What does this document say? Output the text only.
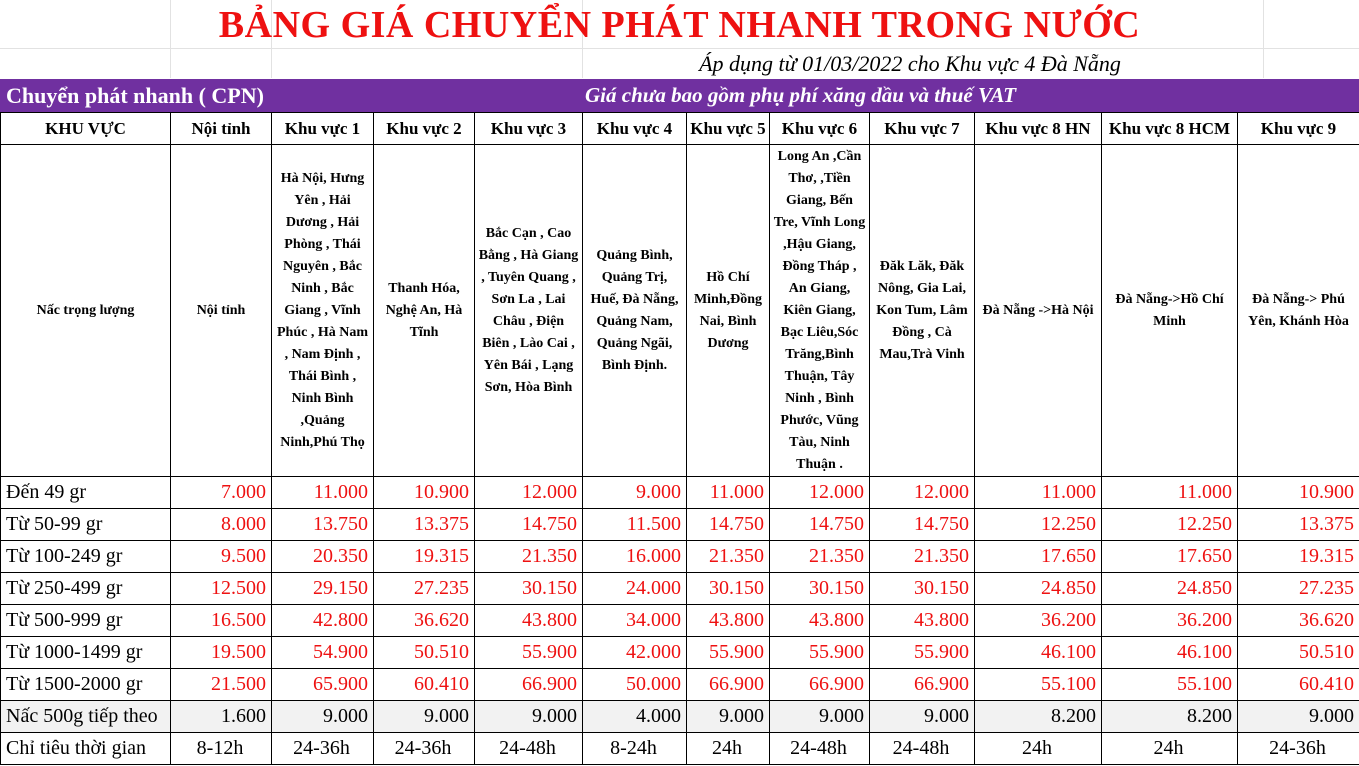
BẢNG GIÁ CHUYỂN PHÁT NHANH TRONG NƯỚC
Áp dụng từ 01/03/2022 cho Khu vực 4 Đà Nẵng
Chuyển phát nhanh ( CPN)	Giá chưa bao gồm phụ phí xăng dầu và thuế VAT
KHU VỰC	Nội tỉnh	Khu vực 1	Khu vực 2	Khu vực 3	Khu vực 4	Khu vực 5	Khu vực 6	Khu vực 7	Khu vực 8 HN	Khu vực 8 HCM	Khu vực 9
Nấc trọng lượng	Nội tỉnh	Hà Nội, Hưng Yên , Hải Dương , Hải Phòng , Thái Nguyên , Bắc Ninh , Bắc Giang , Vĩnh Phúc , Hà Nam , Nam Định , Thái Bình , Ninh Bình ,Quảng Ninh,Phú Thọ	Thanh Hóa, Nghệ An, Hà Tĩnh	Bắc Cạn , Cao Bằng , Hà Giang , Tuyên Quang , Sơn La , Lai Châu , Điện Biên , Lào Cai , Yên Bái , Lạng Sơn, Hòa Bình	Quảng Bình, Quảng Trị, Huế, Đà Nẵng, Quảng Nam, Quảng Ngãi, Bình Định.	Hồ Chí Minh,Đồng Nai, Bình Dương	Long An ,Cần Thơ, ,Tiền Giang, Bến Tre, Vĩnh Long ,Hậu Giang, Đồng Tháp , An Giang, Kiên Giang, Bạc Liêu,Sóc Trăng,Bình Thuận, Tây Ninh , Bình Phước, Vũng Tàu, Ninh Thuận .	Đăk Lăk, Đăk Nông, Gia Lai, Kon Tum, Lâm Đồng , Cà Mau,Trà Vinh	Đà Nẵng ->Hà Nội	Đà Nẵng->Hồ Chí Minh	Đà Nẵng-> Phú Yên, Khánh Hòa
Đến 49 gr	7.000	11.000	10.900	12.000	9.000	11.000	12.000	12.000	11.000	11.000	10.900
Từ 50-99 gr	8.000	13.750	13.375	14.750	11.500	14.750	14.750	14.750	12.250	12.250	13.375
Từ 100-249 gr	9.500	20.350	19.315	21.350	16.000	21.350	21.350	21.350	17.650	17.650	19.315
Từ 250-499 gr	12.500	29.150	27.235	30.150	24.000	30.150	30.150	30.150	24.850	24.850	27.235
Từ 500-999 gr	16.500	42.800	36.620	43.800	34.000	43.800	43.800	43.800	36.200	36.200	36.620
Từ 1000-1499 gr	19.500	54.900	50.510	55.900	42.000	55.900	55.900	55.900	46.100	46.100	50.510
Từ 1500-2000 gr	21.500	65.900	60.410	66.900	50.000	66.900	66.900	66.900	55.100	55.100	60.410
Nấc 500g tiếp theo	1.600	9.000	9.000	9.000	4.000	9.000	9.000	9.000	8.200	8.200	9.000
Chỉ tiêu thời gian	8-12h	24-36h	24-36h	24-48h	8-24h	24h	24-48h	24-48h	24h	24h	24-36h
